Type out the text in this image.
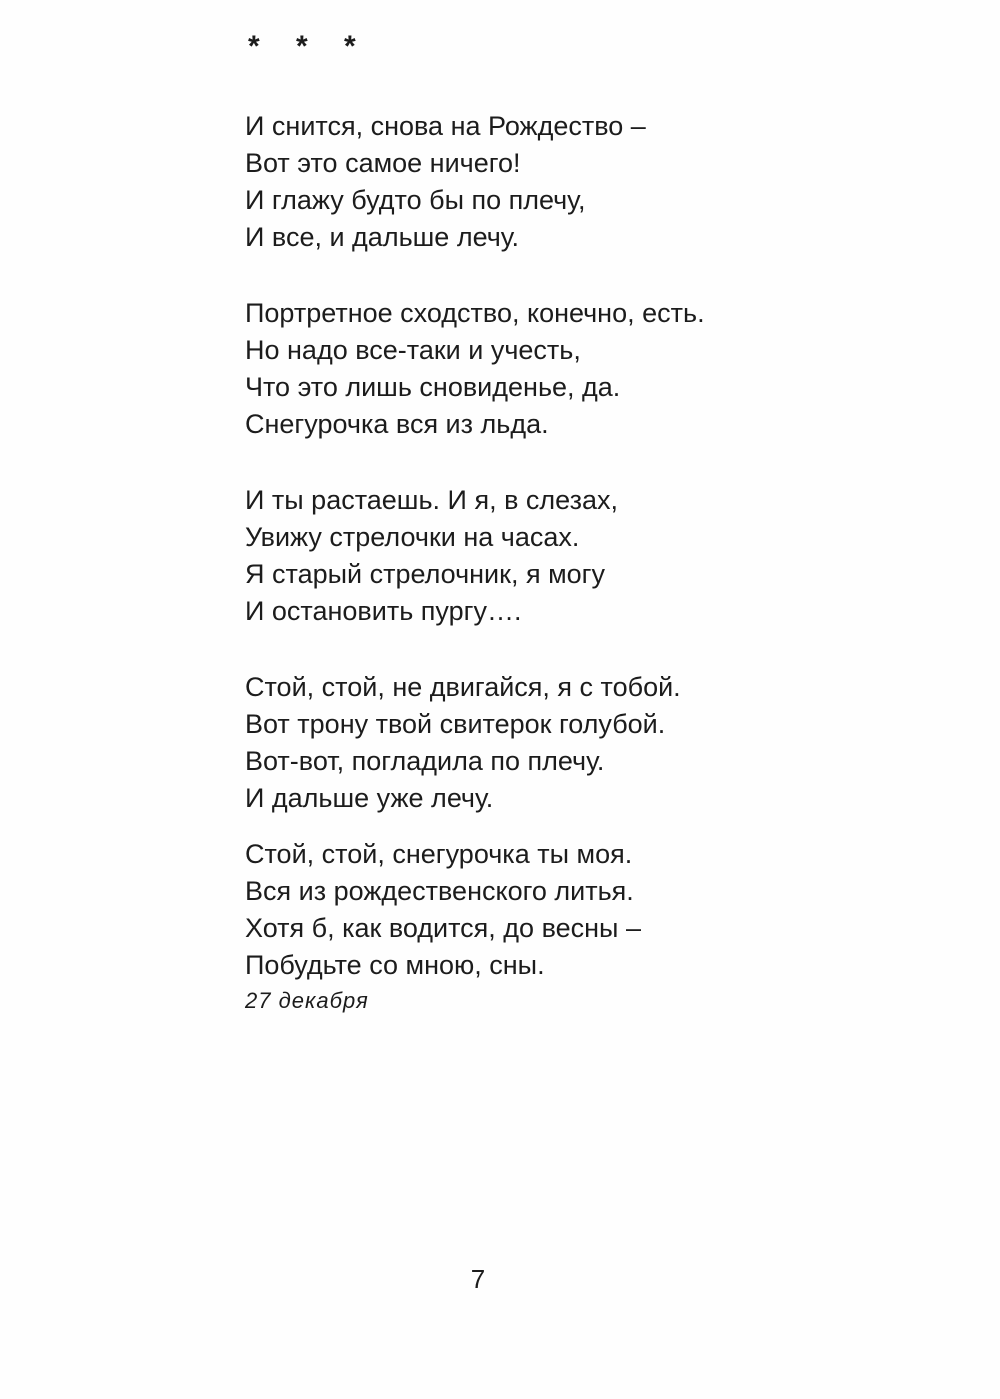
* * *
И снится, снова на Рождество –
Вот это самое ничего!
И глажу будто бы по плечу,
И все, и дальше лечу.
Портретное сходство, конечно, есть.
Но надо все-таки и учесть,
Что это лишь сновиденье, да.
Снегурочка вся из льда.
И ты растаешь. И я, в слезах,
Увижу стрелочки на часах.
Я старый стрелочник, я могу
И остановить пургу….
Стой, стой, не двигайся, я с тобой.
Вот трону твой свитерок голубой.
Вот-вот, погладила по плечу.
И дальше уже лечу.
Стой, стой, снегурочка ты моя.
Вся из рождественского литья.
Хотя б, как водится, до весны –
Побудьте со мною, сны.
27 декабря
7
